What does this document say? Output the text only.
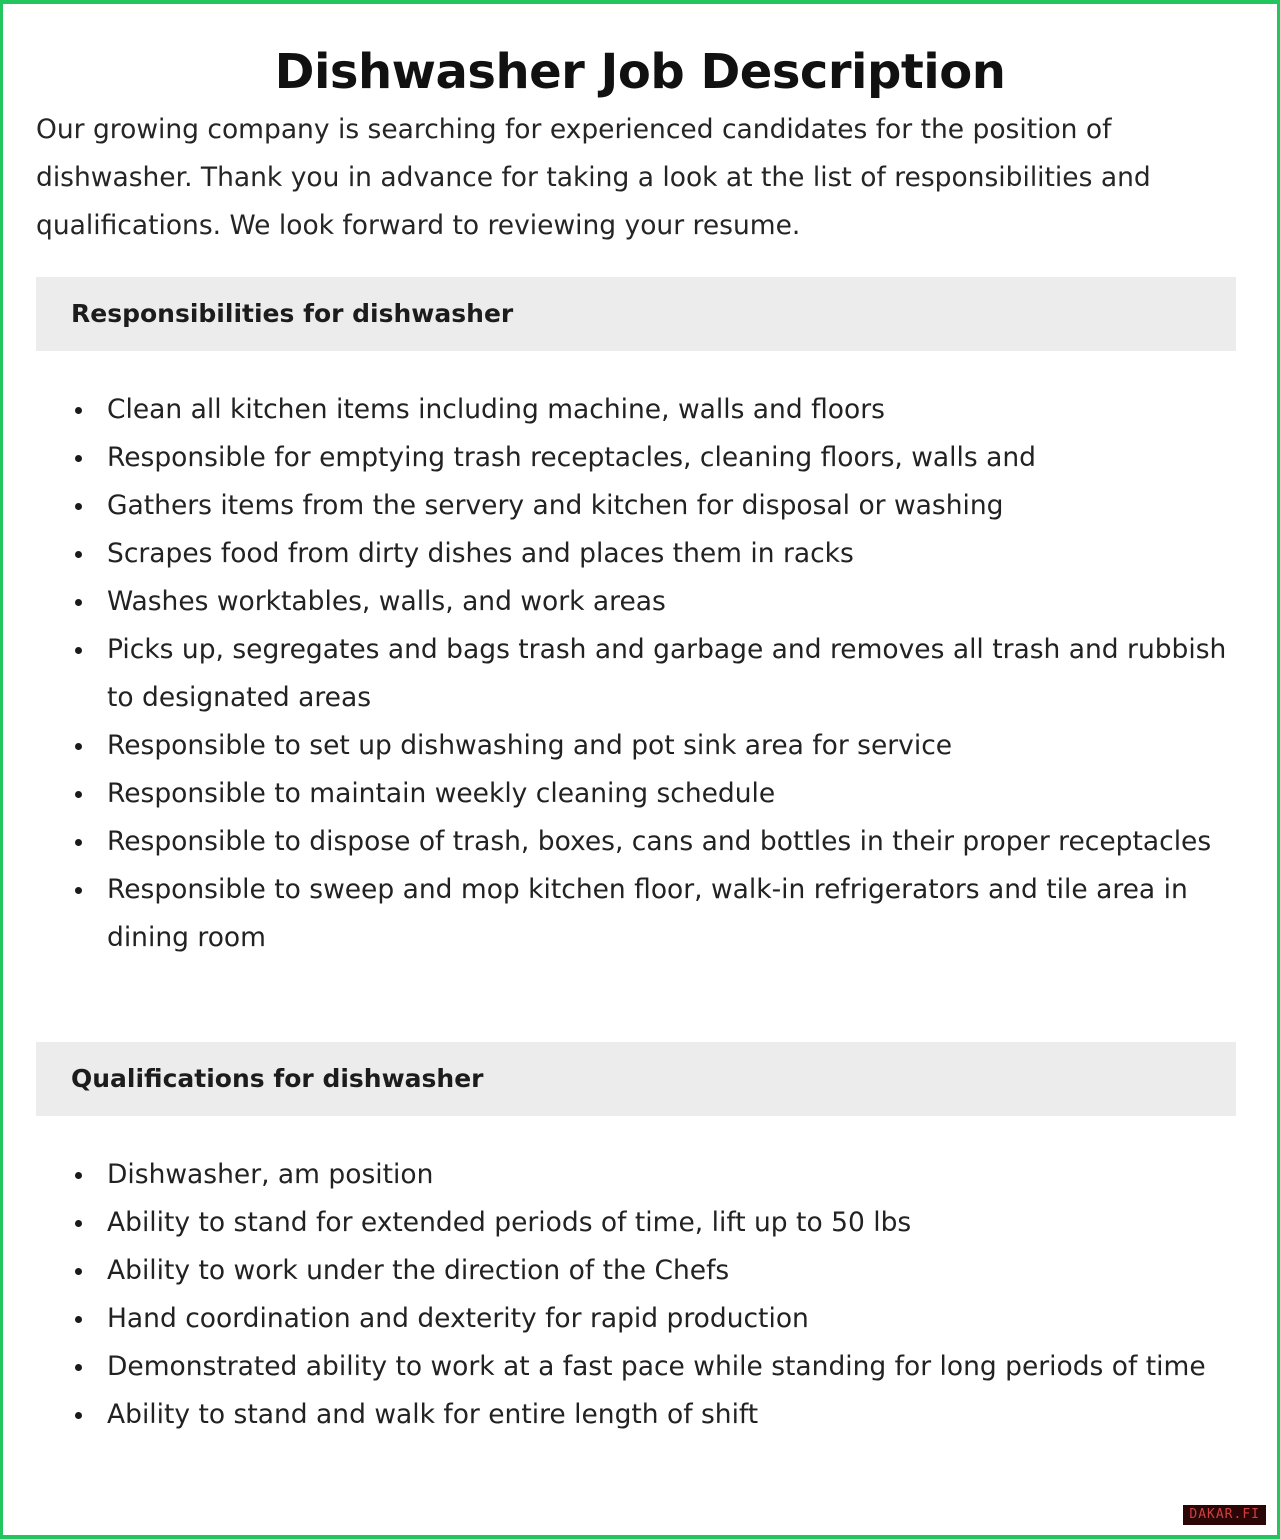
Dishwasher Job Description

Our growing company is searching for experienced candidates for the position of dishwasher. Thank you in advance for taking a look at the list of responsibilities and qualifications. We look forward to reviewing your resume.

Responsibilities for dishwasher
Clean all kitchen items including machine, walls and floors
Responsible for emptying trash receptacles, cleaning floors, walls and
Gathers items from the servery and kitchen for disposal or washing
Scrapes food from dirty dishes and places them in racks
Washes worktables, walls, and work areas
Picks up, segregates and bags trash and garbage and removes all trash and rubbish to designated areas
Responsible to set up dishwashing and pot sink area for service
Responsible to maintain weekly cleaning schedule
Responsible to dispose of trash, boxes, cans and bottles in their proper receptacles
Responsible to sweep and mop kitchen floor, walk-in refrigerators and tile area in dining room
Qualifications for dishwasher
Dishwasher, am position
Ability to stand for extended periods of time, lift up to 50 lbs
Ability to work under the direction of the Chefs
Hand coordination and dexterity for rapid production
Demonstrated ability to work at a fast pace while standing for long periods of time
Ability to stand and walk for entire length of shift
DAKAR.FI
